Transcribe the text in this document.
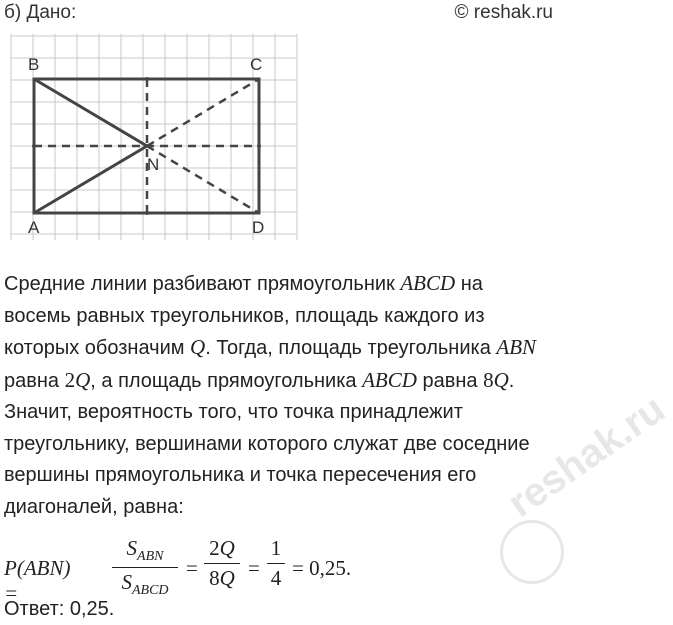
б) Дано:	© reshak.ru
B	C
A	D
N
Средние линии разбивают прямоугольник ABCD на восемь равных треугольников, площадь каждого из которых обозначим Q. Тогда, площадь треугольника ABN равна 2Q, а площадь прямоугольника ABCD равна 8Q. Значит, вероятность того, что точка принадлежит треугольнику, вершинами которого служат две соседние вершины прямоугольника и точка пересечения его диагоналей, равна:
P(ABN) =
$S_{ABN}$
$S_{ABCD}$
=
2Q
8Q =
1
4 = 0,25.
Ответ: 0,25.
reshak.ru
